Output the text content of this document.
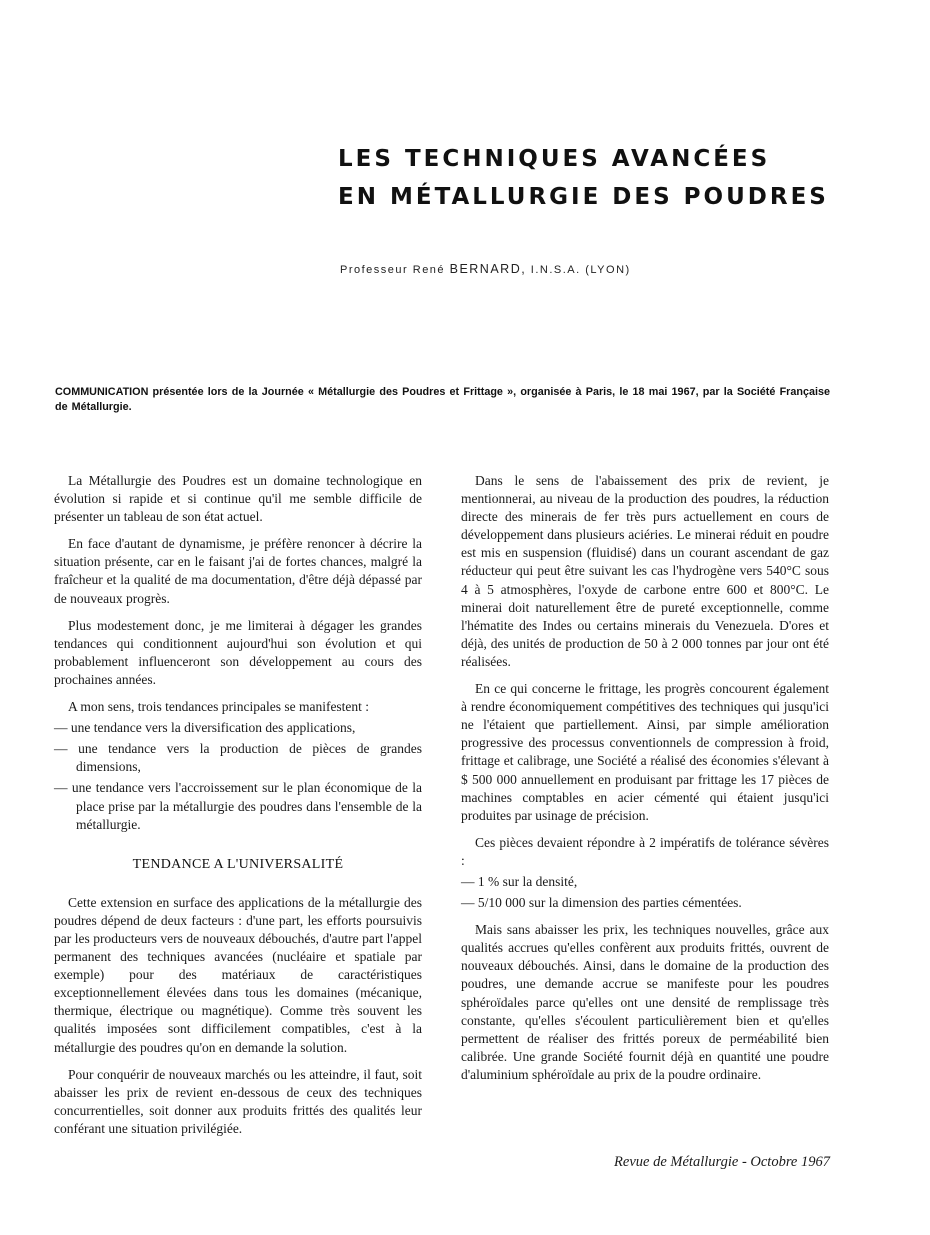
LES TECHNIQUES AVANCÉES
EN MÉTALLURGIE DES POUDRES
Professeur René BERNARD, I.N.S.A. (LYON)
COMMUNICATION présentée lors de la Journée « Métallurgie des Poudres et Frittage », organisée à Paris, le 18 mai 1967, par la Société Française de Métallurgie.

La Métallurgie des Poudres est un domaine technologique en évolution si rapide et si continue qu'il me semble difficile de présenter un tableau de son état actuel.

En face d'autant de dynamisme, je préfère renoncer à décrire la situation présente, car en le faisant j'ai de fortes chances, malgré la fraîcheur et la qualité de ma documentation, d'être déjà dépassé par de nouveaux progrès.

Plus modestement donc, je me limiterai à dégager les grandes tendances qui conditionnent aujourd'hui son évolution et qui probablement influenceront son développement au cours des prochaines années.

A mon sens, trois tendances principales se manifestent :

— une tendance vers la diversification des applications,

— une tendance vers la production de pièces de grandes dimensions,

— une tendance vers l'accroissement sur le plan économique de la place prise par la métallurgie des poudres dans l'ensemble de la métallurgie.

TENDANCE A L'UNIVERSALITÉ

Cette extension en surface des applications de la métallurgie des poudres dépend de deux facteurs : d'une part, les efforts poursuivis par les producteurs vers de nouveaux débouchés, d'autre part l'appel permanent des techniques avancées (nucléaire et spatiale par exemple) pour des matériaux de caractéristiques exceptionnellement élevées dans tous les domaines (mécanique, thermique, électrique ou magnétique). Comme très souvent les qualités imposées sont difficilement compatibles, c'est à la métallurgie des poudres qu'on en demande la solution.

Pour conquérir de nouveaux marchés ou les atteindre, il faut, soit abaisser les prix de revient en-dessous de ceux des techniques concurrentielles, soit donner aux produits frittés des qualités leur conférant une situation privilégiée.

Dans le sens de l'abaissement des prix de revient, je mentionnerai, au niveau de la production des poudres, la réduction directe des minerais de fer très purs actuellement en cours de développement dans plusieurs aciéries. Le minerai réduit en poudre est mis en suspension (fluidisé) dans un courant ascendant de gaz réducteur qui peut être suivant les cas l'hydrogène vers 540°C sous 4 à 5 atmosphères, l'oxyde de carbone entre 600 et 800°C. Le minerai doit naturellement être de pureté exceptionnelle, comme l'hématite des Indes ou certains minerais du Venezuela. D'ores et déjà, des unités de production de 50 à 2 000 tonnes par jour ont été réalisées.

En ce qui concerne le frittage, les progrès concourent également à rendre économiquement compétitives des techniques qui jusqu'ici ne l'étaient que partiellement. Ainsi, par simple amélioration progressive des processus conventionnels de compression à froid, frittage et calibrage, une Société a réalisé des économies s'élevant à $ 500 000 annuellement en produisant par frittage les 17 pièces de machines comptables en acier cémenté qui étaient jusqu'ici produites par usinage de précision.

Ces pièces devaient répondre à 2 impératifs de tolérance sévères :

— 1 % sur la densité,

— 5/10 000 sur la dimension des parties cémentées.

Mais sans abaisser les prix, les techniques nouvelles, grâce aux qualités accrues qu'elles confèrent aux produits frittés, ouvrent de nouveaux débouchés. Ainsi, dans le domaine de la production des poudres, une demande accrue se manifeste pour les poudres sphéroïdales parce qu'elles ont une densité de remplissage très constante, qu'elles s'écoulent particulièrement bien et qu'elles permettent de réaliser des frittés poreux de perméabilité bien calibrée. Une grande Société fournit déjà en quantité une poudre d'aluminium sphéroïdale au prix de la poudre ordinaire.

Revue de Métallurgie - Octobre 1967
